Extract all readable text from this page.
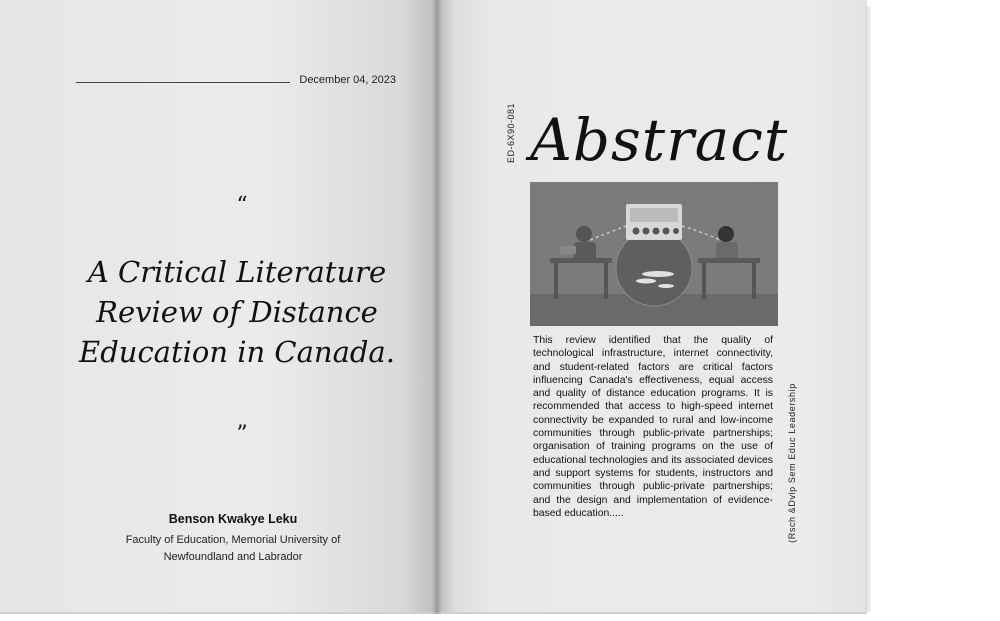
December 04, 2023
“
A Critical Literature
Review of Distance
Education in Canada.
”
Benson Kwakye Leku
Faculty of Education, Memorial University of
Newfoundland and Labrador
ED-6X90-081 Abstract
This review identified that the quality of technological infrastructure, internet connectivity, and student-related factors are critical factors influencing Canada's effectiveness, equal access and quality of distance education programs. It is recommended that access to high-speed internet connectivity be expanded to rural and low-income communities through public-private partnerships; organisation of training programs on the use of educational technologies and its associated devices and support systems for students, instructors and communities through public-private partnerships; and the design and implementation of evidence-based education.....	(Rsch &Dvlp Sem Educ Leadership
